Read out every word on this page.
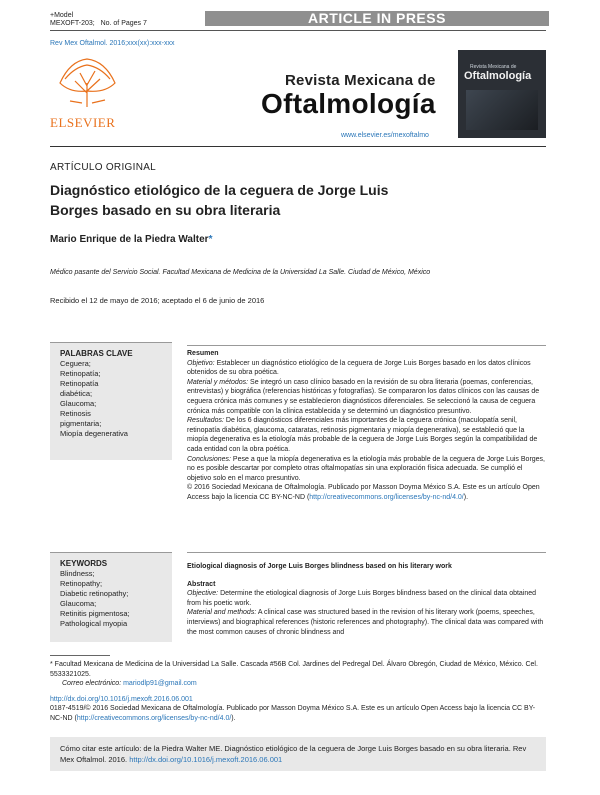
+Model
MEXOFT-203; No. of Pages 7	ARTICLE IN PRESS
Rev Mex Oftalmol. 2016;xxx(xx):xxx-xxx
ELSEVIER
Revista Mexicana de
Oftalmología
www.elsevier.es/mexoftalmo
Revista Mexicana de
Oftalmología
ARTÍCULO ORIGINAL
Diagnóstico etiológico de la ceguera de Jorge Luis
Borges basado en su obra literaria
Mario Enrique de la Piedra Walter*
Médico pasante del Servicio Social. Facultad Mexicana de Medicina de la Universidad La Salle. Ciudad de México, México
Recibido el 12 de mayo de 2016; aceptado el 6 de junio de 2016
PALABRAS CLAVE
Ceguera;
Retinopatía;
Retinopatía
diabética;
Glaucoma;
Retinosis
pigmentaria;
Miopía degenerativa
Resumen
Objetivo: Establecer un diagnóstico etiológico de la ceguera de Jorge Luis Borges basado en los datos clínicos obtenidos de su obra poética.
Material y métodos: Se integró un caso clínico basado en la revisión de su obra literaria (poemas, conferencias, entrevistas) y biográfica (referencias históricas y fotografías). Se compararon los datos clínicos con las causas de ceguera crónica más comunes y se establecieron diagnósticos diferenciales. Se seleccionó la causa de ceguera crónica más compatible con la clínica establecida y se determinó un diagnóstico presuntivo.
Resultados: De los 6 diagnósticos diferenciales más importantes de la ceguera crónica (maculopatía senil, retinopatía diabética, glaucoma, cataratas, retinosis pigmentaria y miopía degenerativa), se estableció que la miopía degenerativa es la etiología más probable de la ceguera de Jorge Luis Borges según la compatibilidad de cada entidad con la obra poética.
Conclusiones: Pese a que la miopía degenerativa es la etiología más probable de la ceguera de Jorge Luis Borges, no es posible descartar por completo otras oftalmopatías sin una exploración física adecuada. Se cumplió el objetivo solo en el marco presuntivo.
© 2016 Sociedad Mexicana de Oftalmología. Publicado por Masson Doyma México S.A. Este es un artículo Open Access bajo la licencia CC BY-NC-ND (http://creativecommons.org/licenses/by-nc-nd/4.0/).
KEYWORDS
Blindness;
Retinopathy;
Diabetic retinopathy;
Glaucoma;
Retinitis pigmentosa;
Pathological myopia
Etiological diagnosis of Jorge Luis Borges blindness based on his literary work
Abstract
Objective: Determine the etiological diagnosis of Jorge Luis Borges blindness based on the clinical data obtained from his poetic work.
Material and methods: A clinical case was structured based in the revision of his literary work (poems, speeches, interviews) and biographical references (historic references and photography). The clinical data was compared with the most common causes of chronic blindness and
* Facultad Mexicana de Medicina de la Universidad La Salle. Cascada #56B Col. Jardines del Pedregal Del. Álvaro Obregón, Ciudad de México, México. Cel. 5533321025.
Correo electrónico: mariodlp91@gmail.com
http://dx.doi.org/10.1016/j.mexoft.2016.06.001
0187-4519/© 2016 Sociedad Mexicana de Oftalmología. Publicado por Masson Doyma México S.A. Este es un artículo Open Access bajo la licencia CC BY-NC-ND (http://creativecommons.org/licenses/by-nc-nd/4.0/).
Cómo citar este artículo: de la Piedra Walter ME. Diagnóstico etiológico de la ceguera de Jorge Luis Borges basado en su obra literaria. Rev Mex Oftalmol. 2016. http://dx.doi.org/10.1016/j.mexoft.2016.06.001
